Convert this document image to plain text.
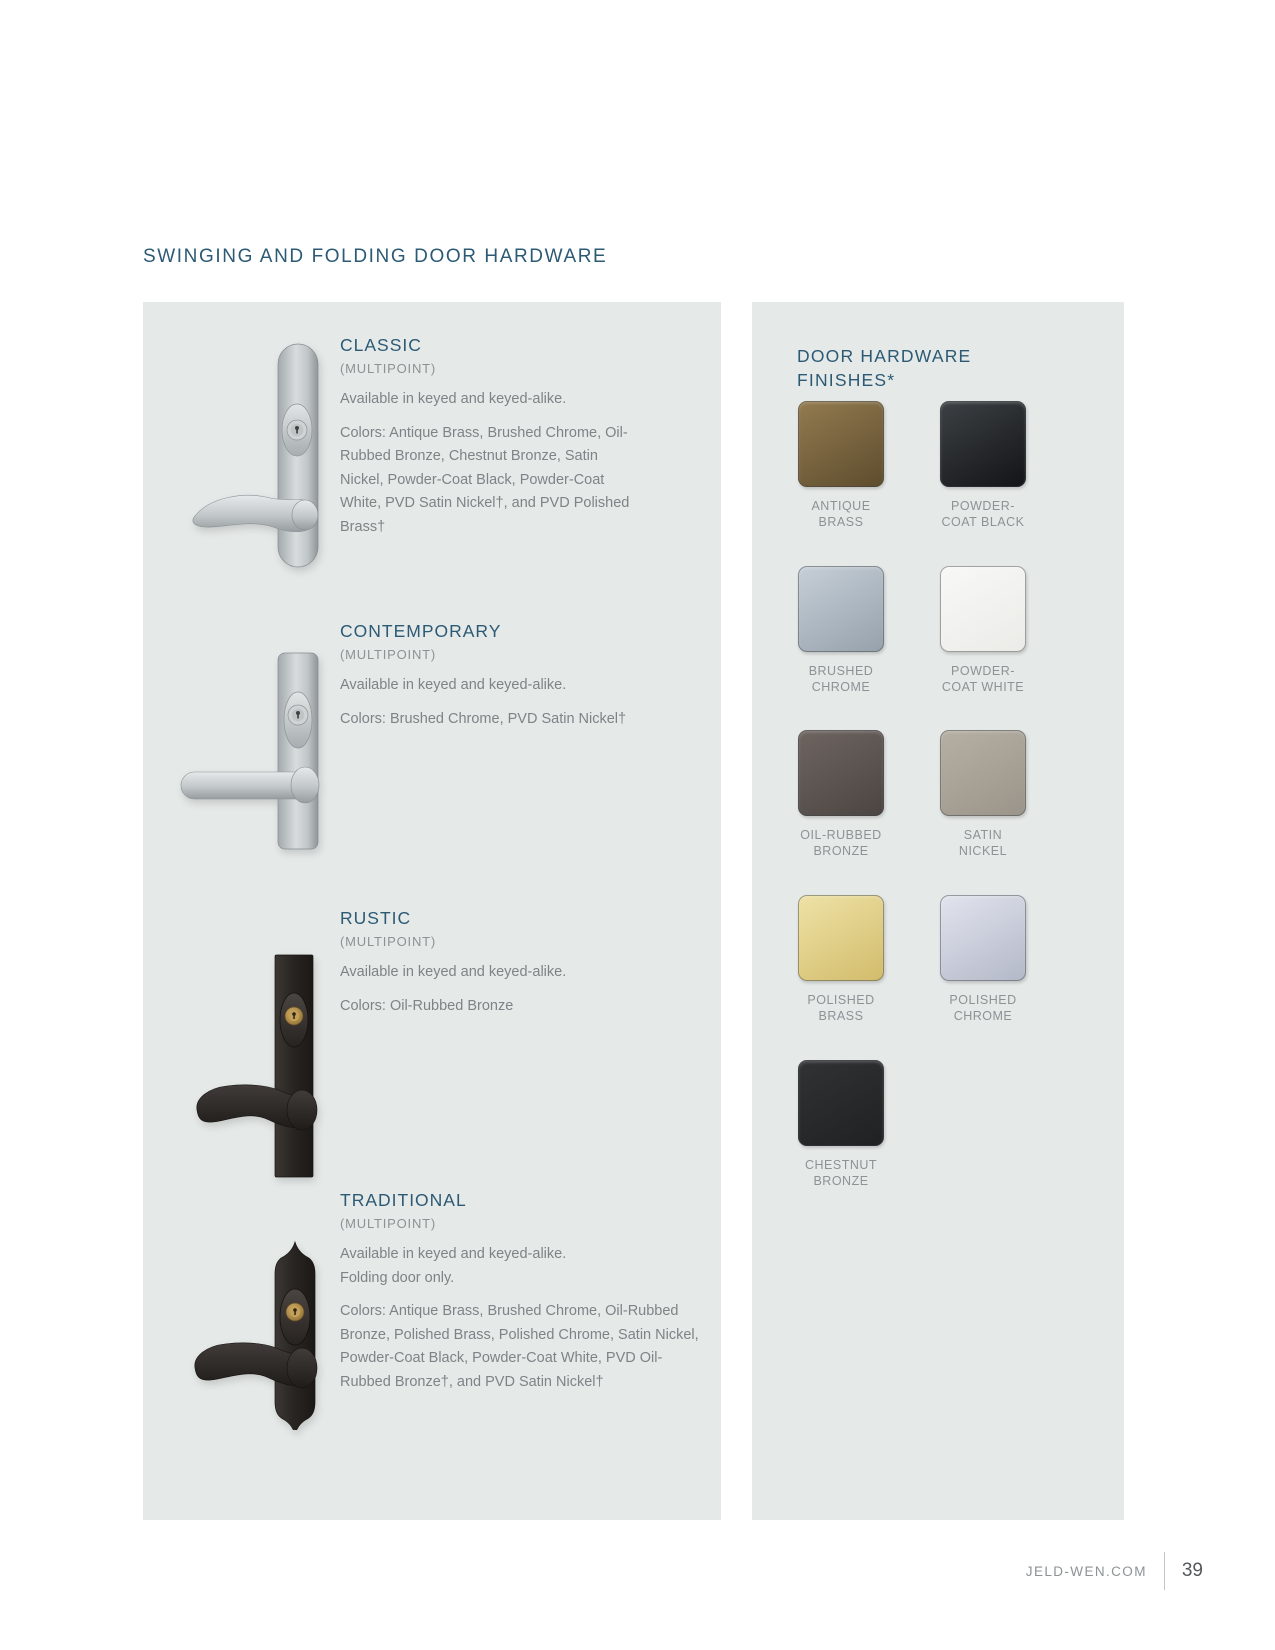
SWINGING AND FOLDING DOOR HARDWARE
CLASSIC
(MULTIPOINT)
Available in keyed and keyed-alike.
Colors: Antique Brass, Brushed Chrome, Oil-Rubbed Bronze, Chestnut Bronze, Satin Nickel, Powder-Coat Black, Powder-Coat White, PVD Satin Nickel†, and PVD Polished Brass†
CONTEMPORARY
(MULTIPOINT)
Available in keyed and keyed-alike.
Colors: Brushed Chrome, PVD Satin Nickel†
RUSTIC
(MULTIPOINT)
Available in keyed and keyed-alike.
Colors: Oil-Rubbed Bronze
TRADITIONAL
(MULTIPOINT)
Available in keyed and keyed-alike.
Folding door only.
Colors: Antique Brass, Brushed Chrome, Oil-Rubbed Bronze, Polished Brass, Polished Chrome, Satin Nickel, Powder-Coat Black, Powder-Coat White, PVD Oil-Rubbed Bronze†, and PVD Satin Nickel†
DOOR HARDWARE
FINISHES*
ANTIQUE
BRASS
POWDER-
COAT BLACK
BRUSHED
CHROME
POWDER-
COAT WHITE
OIL-RUBBED
BRONZE
SATIN
NICKEL
POLISHED
BRASS
POLISHED
CHROME
CHESTNUT
BRONZE
JELD-WEN.COM 39
